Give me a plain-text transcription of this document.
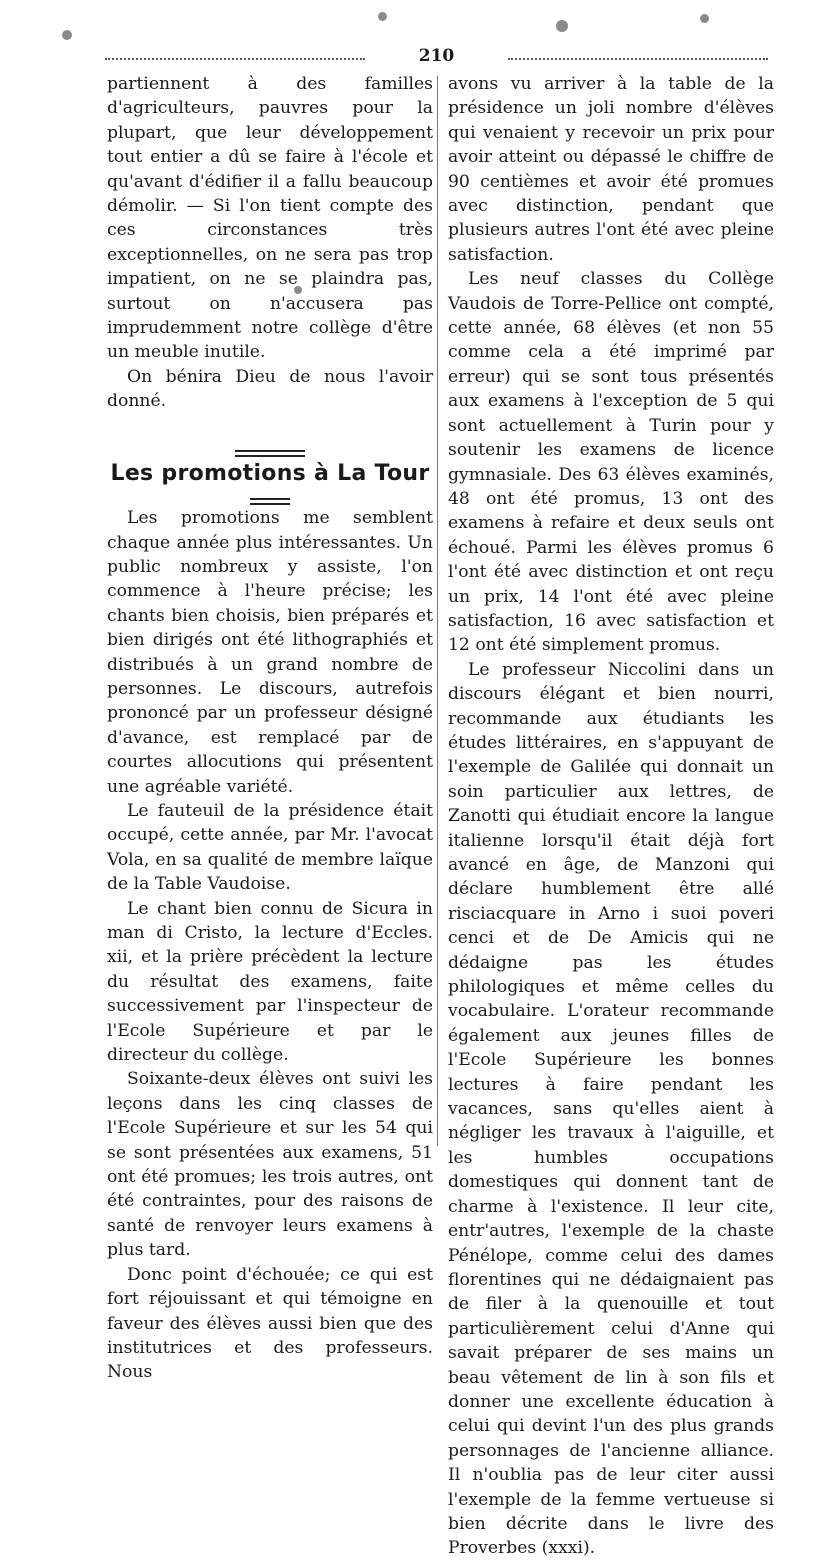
210

partiennent à des familles d'agriculteurs, pauvres pour la plupart, que leur développement tout entier a dû se faire à l'école et qu'avant d'édifier il a fallu beaucoup démolir. — Si l'on tient compte des ces circonstances très exceptionnelles, on ne sera pas trop impatient, on ne se plaindra pas, surtout on n'accusera pas imprudemment notre collège d'être un meuble inutile.

On bénira Dieu de nous l'avoir donné.

Les promotions à La Tour

Les promotions me semblent chaque année plus intéressantes. Un public nombreux y assiste, l'on commence à l'heure précise; les chants bien choisis, bien préparés et bien dirigés ont été lithographiés et distribués à un grand nombre de personnes. Le discours, autrefois prononcé par un professeur désigné d'avance, est remplacé par de courtes allocutions qui présentent une agréable variété.

Le fauteuil de la présidence était occupé, cette année, par Mr. l'avocat Vola, en sa qualité de membre laïque de la Table Vaudoise.

Le chant bien connu de Sicura in man di Cristo, la lecture d'Eccles. xii, et la prière précèdent la lecture du résultat des examens, faite successivement par l'inspecteur de l'Ecole Supérieure et par le directeur du collège.

Soixante-deux élèves ont suivi les leçons dans les cinq classes de l'Ecole Supérieure et sur les 54 qui se sont présentées aux examens, 51 ont été promues; les trois autres, ont été contraintes, pour des raisons de santé de renvoyer leurs examens à plus tard.

Donc point d'échouée; ce qui est fort réjouissant et qui témoigne en faveur des élèves aussi bien que des institutrices et des professeurs. Nous

avons vu arriver à la table de la présidence un joli nombre d'élèves qui venaient y recevoir un prix pour avoir atteint ou dépassé le chiffre de 90 centièmes et avoir été promues avec distinction, pendant que plusieurs autres l'ont été avec pleine satisfaction.

Les neuf classes du Collège Vaudois de Torre-Pellice ont compté, cette année, 68 élèves (et non 55 comme cela a été imprimé par erreur) qui se sont tous présentés aux examens à l'exception de 5 qui sont actuellement à Turin pour y soutenir les examens de licence gymnasiale. Des 63 élèves examinés, 48 ont été promus, 13 ont des examens à refaire et deux seuls ont échoué. Parmi les élèves promus 6 l'ont été avec distinction et ont reçu un prix, 14 l'ont été avec pleine satisfaction, 16 avec satisfaction et 12 ont été simplement promus.

Le professeur Niccolini dans un discours élégant et bien nourri, recommande aux étudiants les études littéraires, en s'appuyant de l'exemple de Galilée qui donnait un soin particulier aux lettres, de Zanotti qui étudiait encore la langue italienne lorsqu'il était déjà fort avancé en âge, de Manzoni qui déclare humblement être allé risciacquare in Arno i suoi poveri cenci et de De Amicis qui ne dédaigne pas les études philologiques et même celles du vocabulaire. L'orateur recommande également aux jeunes filles de l'Ecole Supérieure les bonnes lectures à faire pendant les vacances, sans qu'elles aient à négliger les travaux à l'aiguille, et les humbles occupations domestiques qui donnent tant de charme à l'existence. Il leur cite, entr'autres, l'exemple de la chaste Pénélope, comme celui des dames florentines qui ne dédaignaient pas de filer à la quenouille et tout particulièrement celui d'Anne qui savait préparer de ses mains un beau vêtement de lin à son fils et donner une excellente éducation à celui qui devint l'un des plus grands personnages de l'ancienne alliance. Il n'oublia pas de leur citer aussi l'exemple de la femme vertueuse si bien décrite dans le livre des Proverbes (xxxi).
